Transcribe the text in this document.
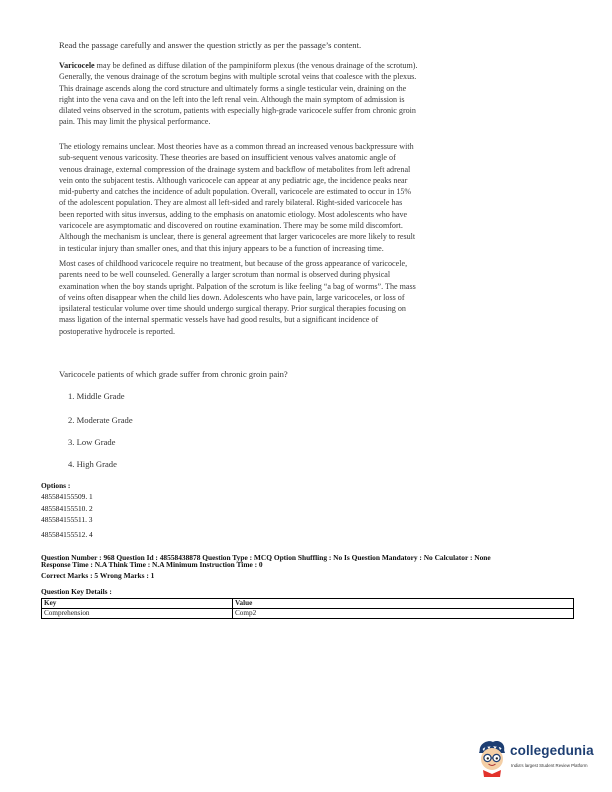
Read the passage carefully and answer the question strictly as per the passage’s content.
Varicocele may be defined as diffuse dilation of the pampiniform plexus (the venous drainage of the scrotum).
Generally, the venous drainage of the scrotum begins with multiple scrotal veins that coalesce with the plexus.
This drainage ascends along the cord structure and ultimately forms a single testicular vein, draining on the
right into the vena cava and on the left into the left renal vein. Although the main symptom of admission is
dilated veins observed in the scrotum, patients with especially high-grade varicocele suffer from chronic groin
pain. This may limit the physical performance.
The etiology remains unclear. Most theories have as a common thread an increased venous backpressure with
sub-sequent venous varicosity. These theories are based on insufficient venous valves anatomic angle of
venous drainage, external compression of the drainage system and backflow of metabolites from left adrenal
vein onto the subjacent testis. Although varicocele can appear at any pediatric age, the incidence peaks near
mid-puberty and catches the incidence of adult population. Overall, varicocele are estimated to occur in 15%
of the adolescent population. They are almost all left-sided and rarely bilateral. Right-sided varicocele has
been reported with situs inversus, adding to the emphasis on anatomic etiology. Most adolescents who have
varicocele are asymptomatic and discovered on routine examination. There may be some mild discomfort.
Although the mechanism is unclear, there is general agreement that larger varicoceles are more likely to result
in testicular injury than smaller ones, and that this injury appears to be a function of increasing time.
Most cases of childhood varicocele require no treatment, but because of the gross appearance of varicocele,
parents need to be well counseled. Generally a larger scrotum than normal is observed during physical
examination when the boy stands upright. Palpation of the scrotum is like feeling “a bag of worms”. The mass
of veins often disappear when the child lies down. Adolescents who have pain, large varicoceles, or loss of
ipsilateral testicular volume over time should undergo surgical therapy. Prior surgical therapies focusing on
mass ligation of the internal spermatic vessels have had good results, but a significant incidence of
postoperative hydrocele is reported.
Varicocele patients of which grade suffer from chronic groin pain?
1. Middle Grade
2. Moderate Grade
3. Low Grade
4. High Grade
Options :
485584155509. 1
485584155510. 2
485584155511. 3
485584155512. 4
Question Number : 968 Question Id : 48558438878 Question Type : MCQ Option Shuffling : No Is Question Mandatory : No Calculator : None
Response Time : N.A Think Time : N.A Minimum Instruction Time : 0
Correct Marks : 5 Wrong Marks : 1
Question Key Details :
Key	Value
Comprehension	Comp2
collegedunia
India's largest Student Review Platform
